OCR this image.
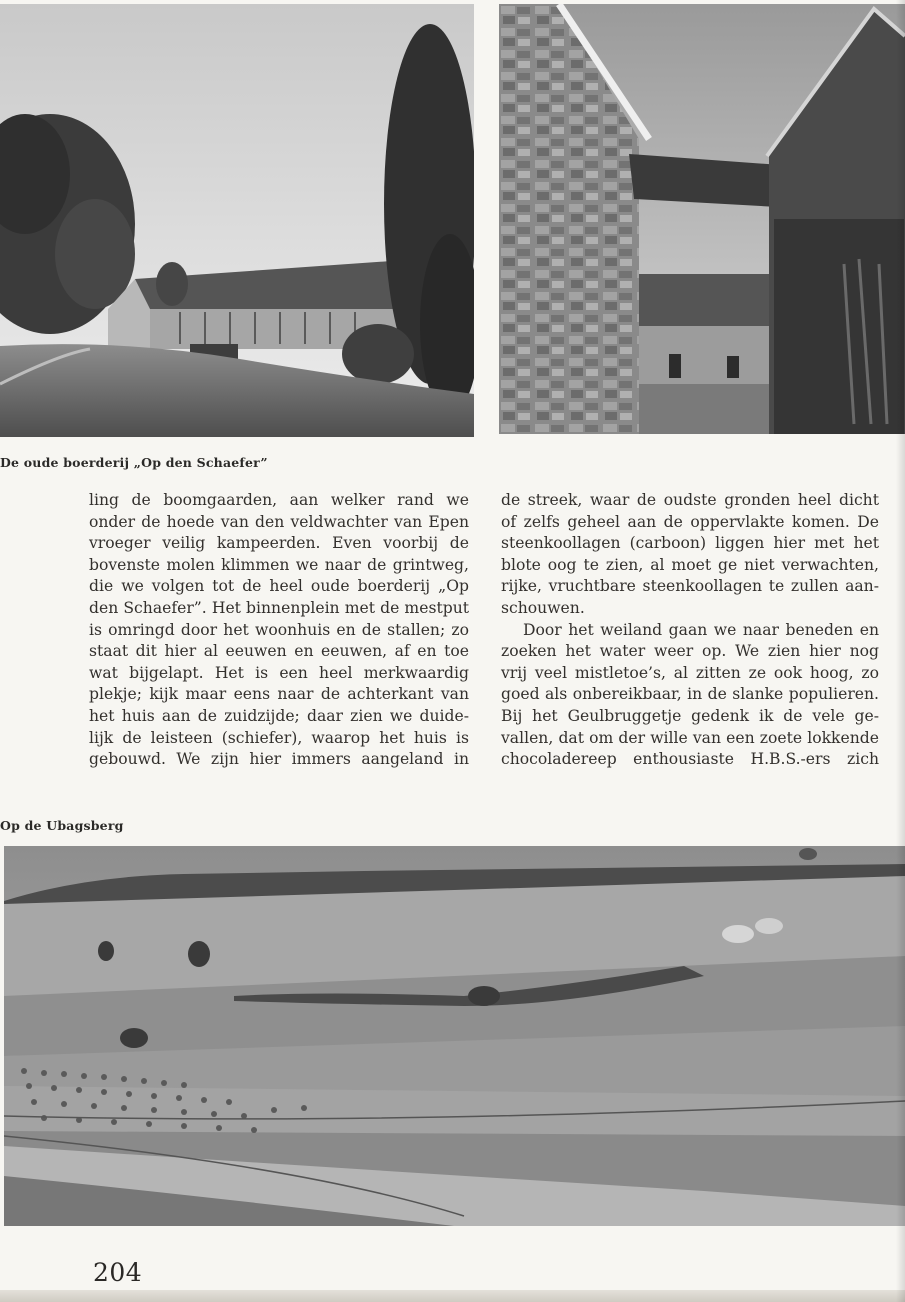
De oude boerderij „Op den Schaefer”

ling de boomgaarden, aan welker rand we

onder de hoede van den veldwachter van Epen

vroeger veilig kampeerden. Even voorbij de

bovenste molen klimmen we naar de grintweg,

die we volgen tot de heel oude boerderij „Op

den Schaefer”. Het binnenplein met de mestput

is omringd door het woonhuis en de stallen; zo

staat dit hier al eeuwen en eeuwen, af en toe

wat bijgelapt. Het is een heel merkwaardig

plekje; kijk maar eens naar de achterkant van

het huis aan de zuidzijde; daar zien we duide-

lijk de leisteen (schiefer), waarop het huis is

gebouwd. We zijn hier immers aangeland in

de streek, waar de oudste gronden heel dicht

of zelfs geheel aan de oppervlakte komen. De

steenkoollagen (carboon) liggen hier met het

blote oog te zien, al moet ge niet verwachten,

rijke, vruchtbare steenkoollagen te zullen aan-

schouwen.

Door het weiland gaan we naar beneden en

zoeken het water weer op. We zien hier nog

vrij veel mistletoe’s, al zitten ze ook hoog, zo

goed als onbereikbaar, in de slanke populieren.

Bij het Geulbruggetje gedenk ik de vele ge-

vallen, dat om der wille van een zoete lokkende

chocoladereep enthousiaste H.B.S.-ers zich

Op de Ubagsberg
204
